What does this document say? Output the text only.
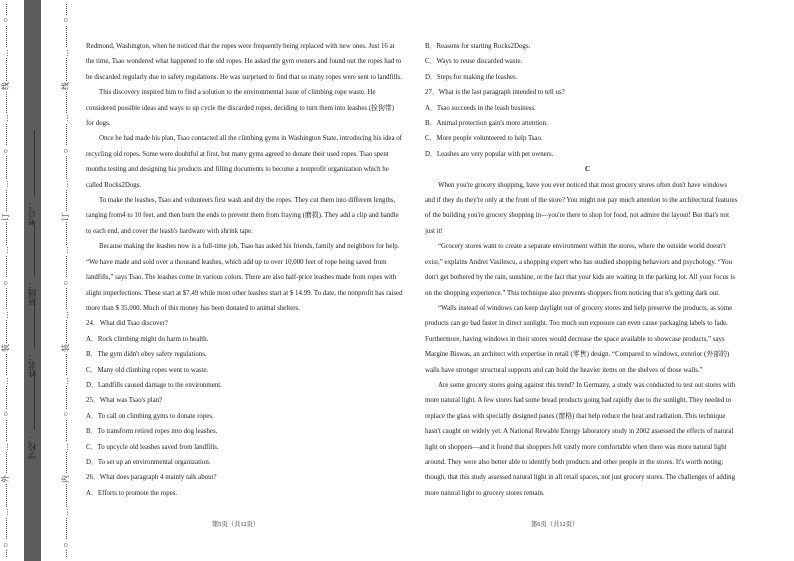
○
…
外
…
○
…
装
…
○
…
订
…
○
…
线
…
○
○
…
内
…
○
…
装
…
○
…
订
…
○
…
线
…
○
学校：
姓名：
班级：
考号：

Redmond, Washington, when he noticed that the ropes were frequently being replaced with new ones. Just 16 at

the time, Tsao wondered what happened to the old ropes. He asked the gym owners and found out the ropes had to

be discarded regularly due to safety regulations. He was surprised to find that so many ropes were sent to landfills.

This discovery inspired him to find a solution to the environmental issue of climbing rope waste. He

considered possible ideas and ways to up cycle the discarded ropes, deciding to turn them into leashes (拴狗带)

for dogs.

Once he had made his plan, Tsao contacted all the climbing gyms in Washington State, introducing his idea of

recycling old ropes. Some were doubtful at first, but many gyms agreed to donate their used ropes. Tsao spent

months testing and designing his products and filling documents to become a nonprofit organization which he

called Rocks2Dogs.

To make the leashes, Tsao and volunteers first wash and dry the ropes. They cut them into different lengths,

ranging from4 to 10 feet, and then burn the ends to prevent them from fraying (磨损). They add a clip and handle

to each end, and cover the leash's hardware with shrink tape.

Because making the leashes now is a full-time job, Tsao has asked his friends, family and neighbors for help.

“We have made and sold over a thousand leashes, which add up to over 10,000 feet of rope being saved from

landfills,” says Tsao. The leashes come in various colors. There are also half-price leashes made from ropes with

slight imperfections. These start at $7.49 while most other leashes start at $ 14.99. To date, the nonprofit has raised

more than $ 35,000. Much of this money has been donated to animal shelters.

24．What did Tsao discover?

A．Rock climbing might do harm to health.

B．The gym didn't obey safety regulations.

C．Many old climbing ropes went to waste.

D．Landfills caused damage to the environment.

25．What was Tsao's plan?

A．To call on climbing gyms to donate ropes.

B．To transform retired ropes into dog leashes.

C．To upcycle old leashes saved from landfills.

D．To set up an environmental organization.

26．What does paragraph 4 mainly talk about?

A．Efforts to promote the ropes.

B．Reasons for starting Rocks2Dogs.

C．Ways to reuse discarded waste.

D．Steps for making the leashes.

27．What is the last paragraph intended to tell us?

A．Tsao succeeds in the leash business.

B．Animal protection gain's more attention.

C．More people volunteered to help Tsao.

D．Leashes are very popular with pet owners.

C

When you're grocery shopping, have you ever noticed that most grocery stores often don't have windows

and if they do they're only at the front of the store? You might not pay much attention to the architectural features

of the building you're grocery shopping in—you're there to shop for food, not admire the layout! But that's not

just it!

“Grocery stores want to create a separate environment within the stores, where the outside world doesn't

exist,” explains Andrei Vasilescu, a shopping expert who has studied shopping behaviors and psychology. “You

don't get bothered by the rain, sunshine, or the fact that your kids are waiting in the parking lot. All your focus is

on the shopping experience.” This technique also prevents shoppers from noticing that it's getting dark out.

“Walls instead of windows can keep daylight out of grocery stores and help preserve the products, as some

products can go bad faster in direct sunlight. Too much sun exposure can even cause packaging labels to fade.

Furthermore, having windows in their stores would decrease the space available to showcase products,” says

Margine Biswas, an architect with expertise in retail (零售) design. “Compared to windows, exterior (外部的)

walls have stronger structural supports and can hold the heavier items on the shelves of those walls.”

Are some grocery stores going against this trend? In Germany, a study was conducted to test out stores with

more natural light. A few stores had some bread products going bad rapidly due to the sunlight. They needed to

replace the glass with specially designed panes (窗格) that help reduce the heat and radiation. This technique

hasn't caught on widely yet. A National Rewable Energy laboratory study in 2002 assessed the effects of natural

light on shoppers—and it found that shoppers felt vastly more comfortable when there was more natural light

around. They were also better able to identify both products and other people in the stores. It's worth noting;

though, that this study assessed natural light in all retail spaces, not just grocery stores. The challenges of adding

more natural light to grocery stores remain.

第5页（共12页）	第6页（共12页）
